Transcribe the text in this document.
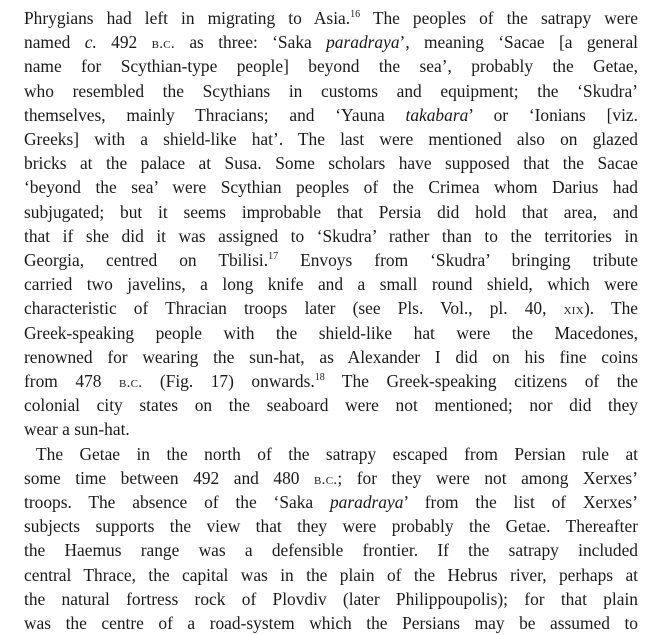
Phrygians had left in migrating to Asia.$^{16}$ The peoples of the satrapy were
named c. 492 b.c. as three: ‘Saka paradraya’, meaning ‘Sacae [a general
name for Scythian-type people] beyond the sea’, probably the Getae,
who resembled the Scythians in customs and equipment; the ‘Skudra’
themselves, mainly Thracians; and ‘Yauna takabara’ or ‘Ionians [viz.
Greeks] with a shield-like hat’. The last were mentioned also on glazed
bricks at the palace at Susa. Some scholars have supposed that the Sacae
‘beyond the sea’ were Scythian peoples of the Crimea whom Darius had
subjugated; but it seems improbable that Persia did hold that area, and
that if she did it was assigned to ‘Skudra’ rather than to the territories in
Georgia, centred on Tbilisi.$^{17}$ Envoys from ‘Skudra’ bringing tribute
carried two javelins, a long knife and a small round shield, which were
characteristic of Thracian troops later (see Pls. Vol., pl. 40, xix). The
Greek-speaking people with the shield-like hat were the Macedones,
renowned for wearing the sun-hat, as Alexander I did on his fine coins
from 478 b.c. (Fig. 17) onwards.$^{18}$ The Greek-speaking citizens of the
colonial city states on the seaboard were not mentioned; nor did they
wear a sun-hat.
The Getae in the north of the satrapy escaped from Persian rule at
some time between 492 and 480 b.c.; for they were not among Xerxes’
troops. The absence of the ‘Saka paradraya’ from the list of Xerxes’
subjects supports the view that they were probably the Getae. Thereafter
the Haemus range was a defensible frontier. If the satrapy included
central Thrace, the capital was in the plain of the Hebrus river, perhaps at
the natural fortress rock of Plovdiv (later Philippoupolis); for that plain
was the centre of a road-system which the Persians may be assumed to
